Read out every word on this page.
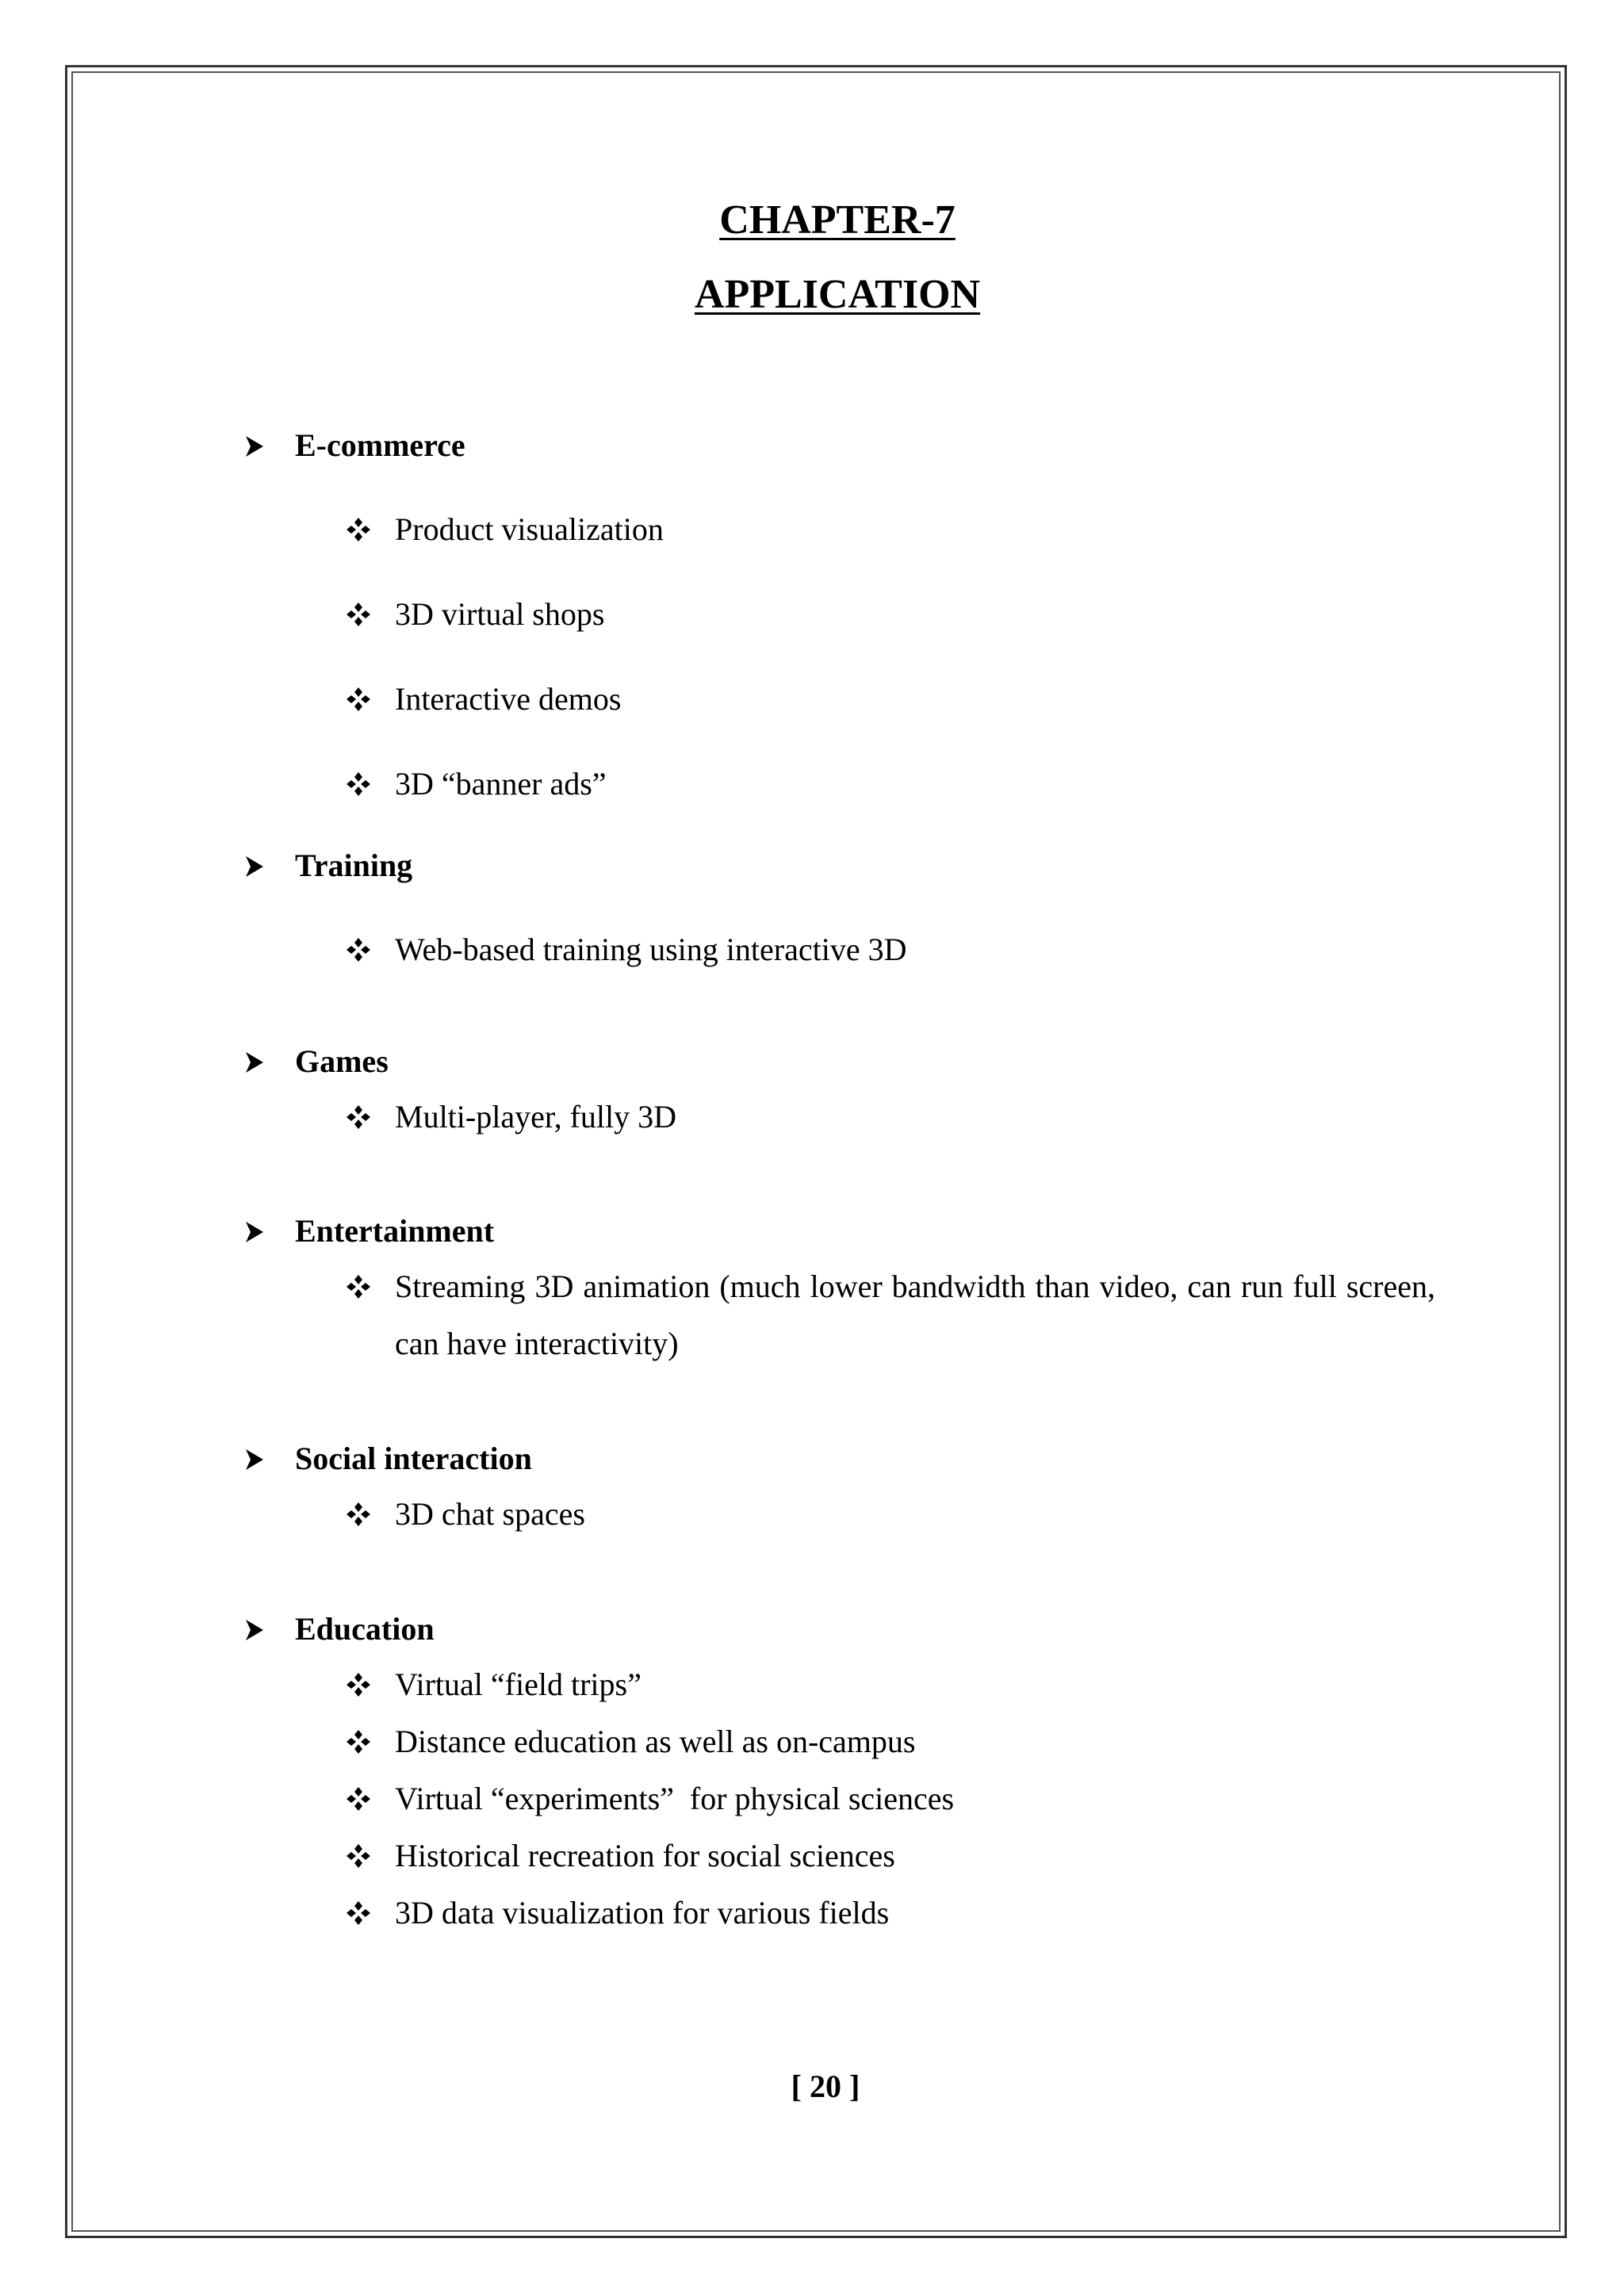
CHAPTER-7
APPLICATION
E-commerce
Product visualization
3D virtual shops
Interactive demos
3D “banner ads”
Training
Web-based training using interactive 3D
Games
Multi-player, fully 3D
Entertainment
Streaming 3D animation (much lower bandwidth than video, can run full screen, can have interactivity)
Social interaction
3D chat spaces
Education
Virtual “field trips”
Distance education as well as on-campus
Virtual “experiments”  for physical sciences
Historical recreation for social sciences
3D data visualization for various fields
[ 20 ]
